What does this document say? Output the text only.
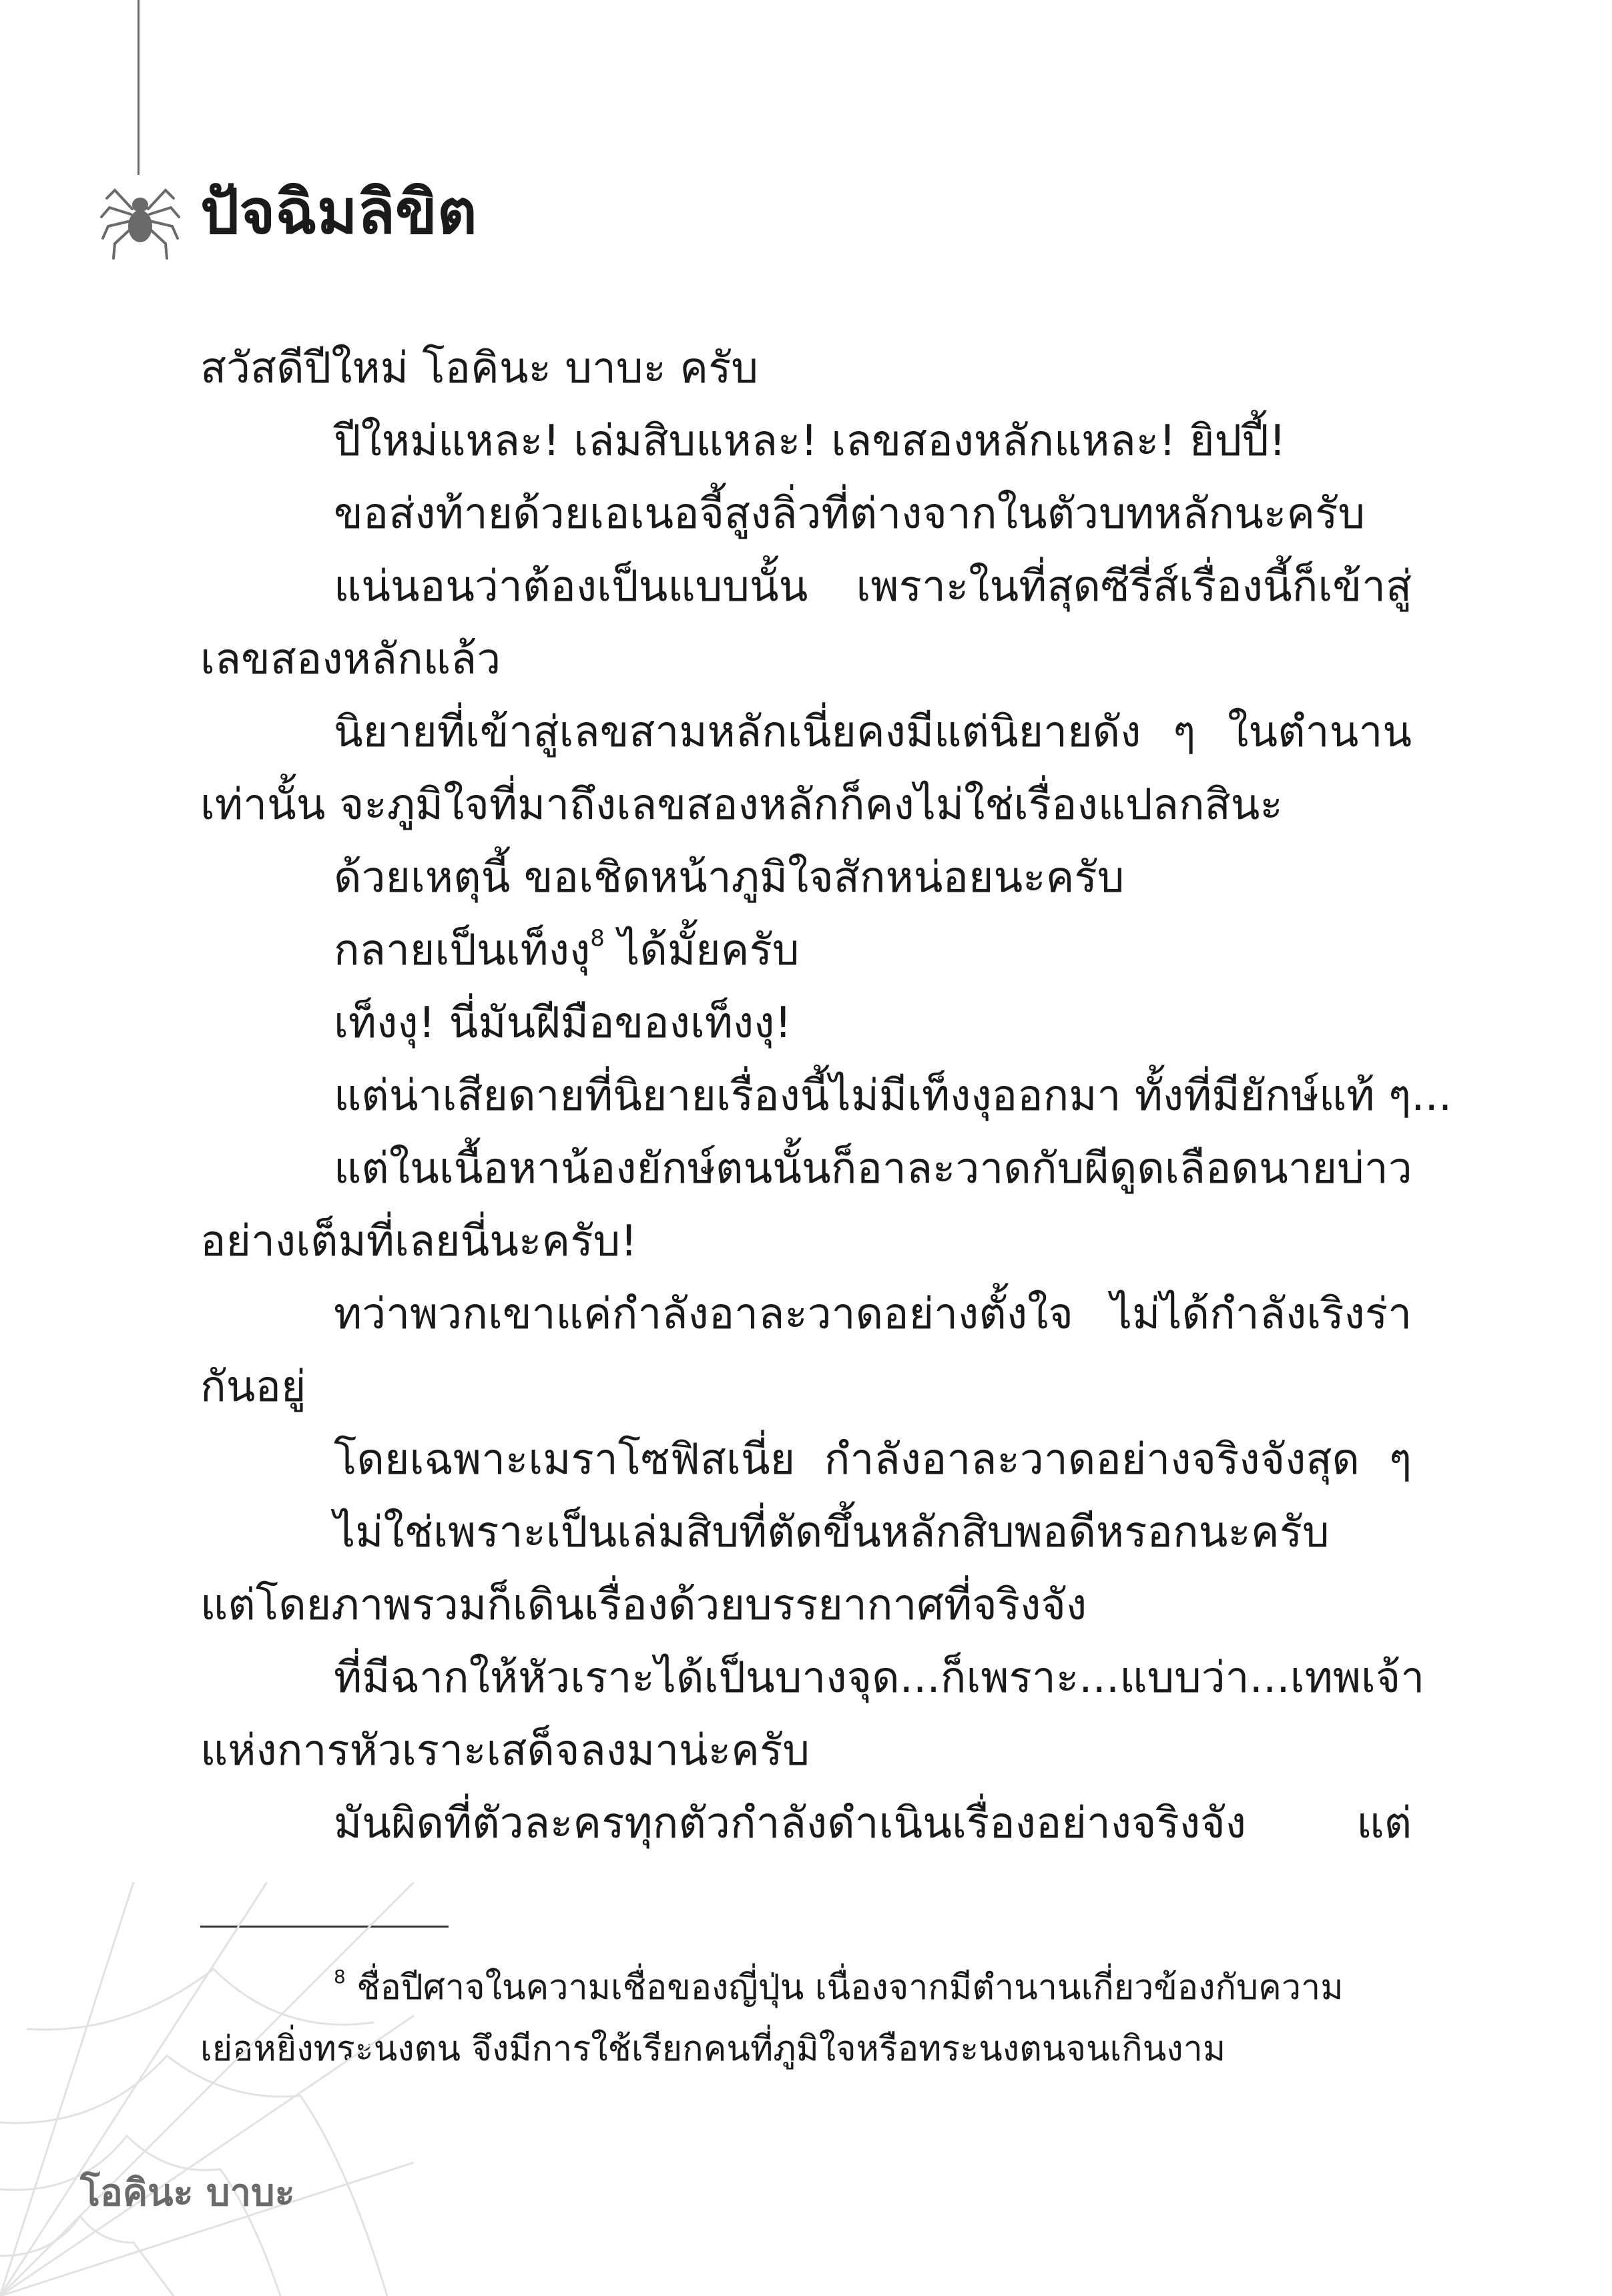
ปัจฉิมลิขิต
สวัสดีปีใหม่ โอคินะ บาบะ ครับ
ปีใหม่แหละ! เล่มสิบแหละ! เลขสองหลักแหละ! ยิปปี้!
ขอส่งท้ายด้วยเอเนอจี้สูงลิ่วที่ต่างจากในตัวบทหลักนะครับ
แน่นอนว่าต้องเป็นแบบนั้น เพราะในที่สุดซีรี่ส์เรื่องนี้ก็เข้าสู่
เลขสองหลักแล้ว
นิยายที่เข้าสู่เลขสามหลักเนี่ยคงมีแต่นิยายดัง ๆ ในตำนาน
เท่านั้น จะภูมิใจที่มาถึงเลขสองหลักก็คงไม่ใช่เรื่องแปลกสินะ
ด้วยเหตุนี้ ขอเชิดหน้าภูมิใจสักหน่อยนะครับ
กลายเป็นเท็งงุ$^8$ ได้มั้ยครับ
เท็งงุ! นี่มันฝีมือของเท็งงุ!
แต่น่าเสียดายที่นิยายเรื่องนี้ไม่มีเท็งงุออกมา ทั้งที่มียักษ์แท้ ๆ...
แต่ในเนื้อหาน้องยักษ์ตนนั้นก็อาละวาดกับผีดูดเลือดนายบ่าว
อย่างเต็มที่เลยนี่นะครับ!
ทว่าพวกเขาแค่กำลังอาละวาดอย่างตั้งใจ ไม่ได้กำลังเริงร่า
กันอยู่
โดยเฉพาะเมราโซฟิสเนี่ย กำลังอาละวาดอย่างจริงจังสุด ๆ
ไม่ใช่เพราะเป็นเล่มสิบที่ตัดขึ้นหลักสิบพอดีหรอกนะครับ
แต่โดยภาพรวมก็เดินเรื่องด้วยบรรยากาศที่จริงจัง
ที่มีฉากให้หัวเราะได้เป็นบางจุด...ก็เพราะ...แบบว่า...เทพเจ้า
แห่งการหัวเราะเสด็จลงมาน่ะครับ
มันผิดที่ตัวละครทุกตัวกำลังดำเนินเรื่องอย่างจริงจัง แต่
$^8$ ชื่อปีศาจในความเชื่อของญี่ปุ่น เนื่องจากมีตำนานเกี่ยวข้องกับความ
เย่อหยิ่งทระนงตน จึงมีการใช้เรียกคนที่ภูมิใจหรือทระนงตนจนเกินงาม
โอคินะ บาบะ
